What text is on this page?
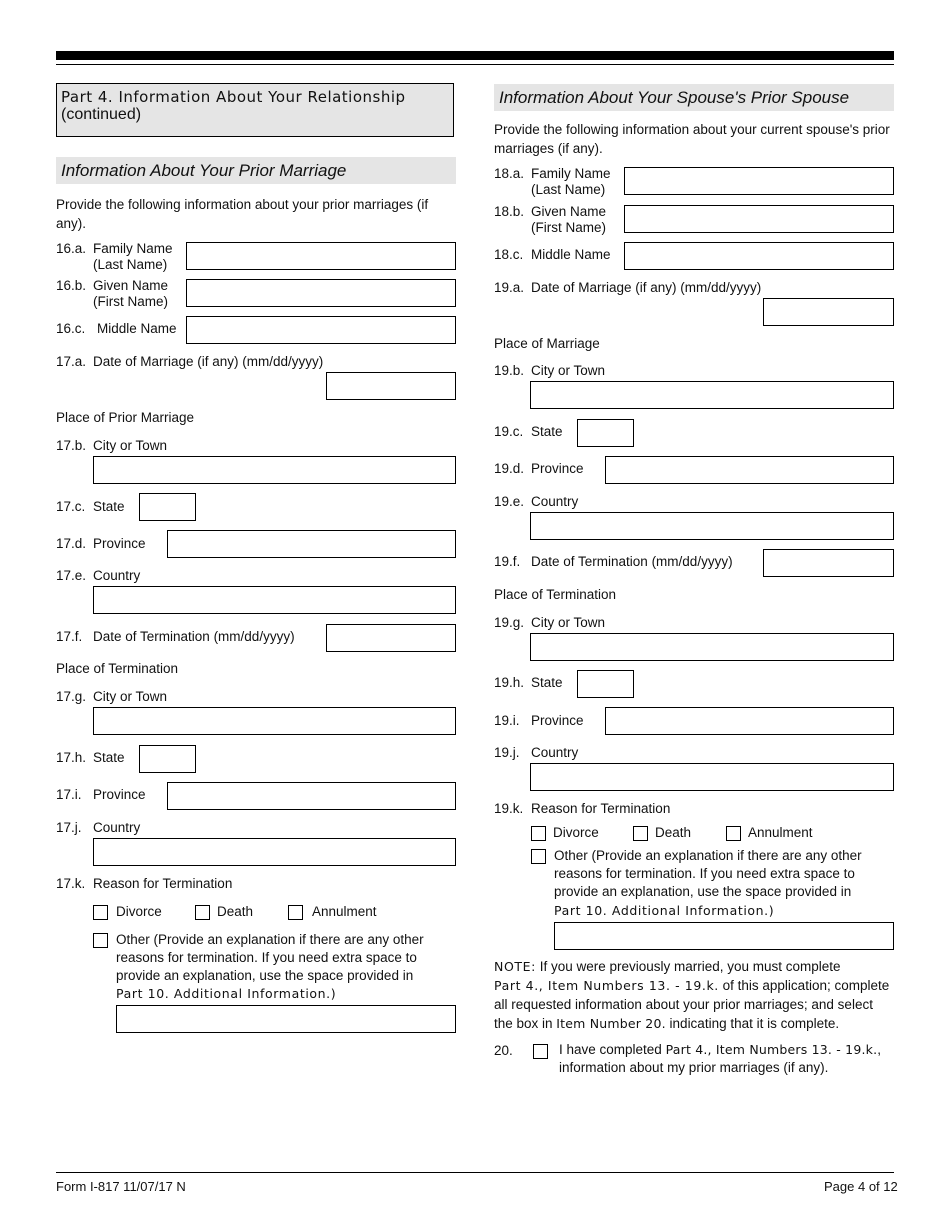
Part 4. Information About Your Relationship
(continued)
Information About Your Prior Marriage
Provide the following information about your prior marriages (if any).
16.a. Family Name
(Last Name)
16.b. Given Name
(First Name)
16.c. Middle Name
17.a. Date of Marriage (if any) (mm/dd/yyyy)
Place of Prior Marriage
17.b. City or Town
17.c. State
17.d. Province
17.e. Country
17.f. Date of Termination (mm/dd/yyyy)
Place of Termination
17.g. City or Town
17.h. State
17.i. Province
17.j. Country
17.k. Reason for Termination
Divorce	Death	Annulment
Other (Provide an explanation if there are any other
reasons for termination. If you need extra space to
provide an explanation, use the space provided in
Part 10. Additional Information.)
Information About Your Spouse's Prior Spouse
Provide the following information about your current spouse's prior marriages (if any).
18.a. Family Name
(Last Name)
18.b. Given Name
(First Name)
18.c. Middle Name
19.a. Date of Marriage (if any) (mm/dd/yyyy)
Place of Marriage
19.b. City or Town
19.c. State
19.d. Province
19.e. Country
19.f. Date of Termination (mm/dd/yyyy)
Place of Termination
19.g. City or Town
19.h. State
19.i. Province
19.j. Country
19.k. Reason for Termination
Divorce	Death	Annulment
Other (Provide an explanation if there are any other
reasons for termination. If you need extra space to
provide an explanation, use the space provided in
Part 10. Additional Information.)
NOTE: If you were previously married, you must complete
Part 4., Item Numbers 13. - 19.k. of this application; complete
all requested information about your prior marriages; and select
the box in Item Number 20. indicating that it is complete.
20.	I have completed Part 4., Item Numbers 13. - 19.k.,
information about my prior marriages (if any).
Form I-817 11/07/17 N	Page 4 of 12
